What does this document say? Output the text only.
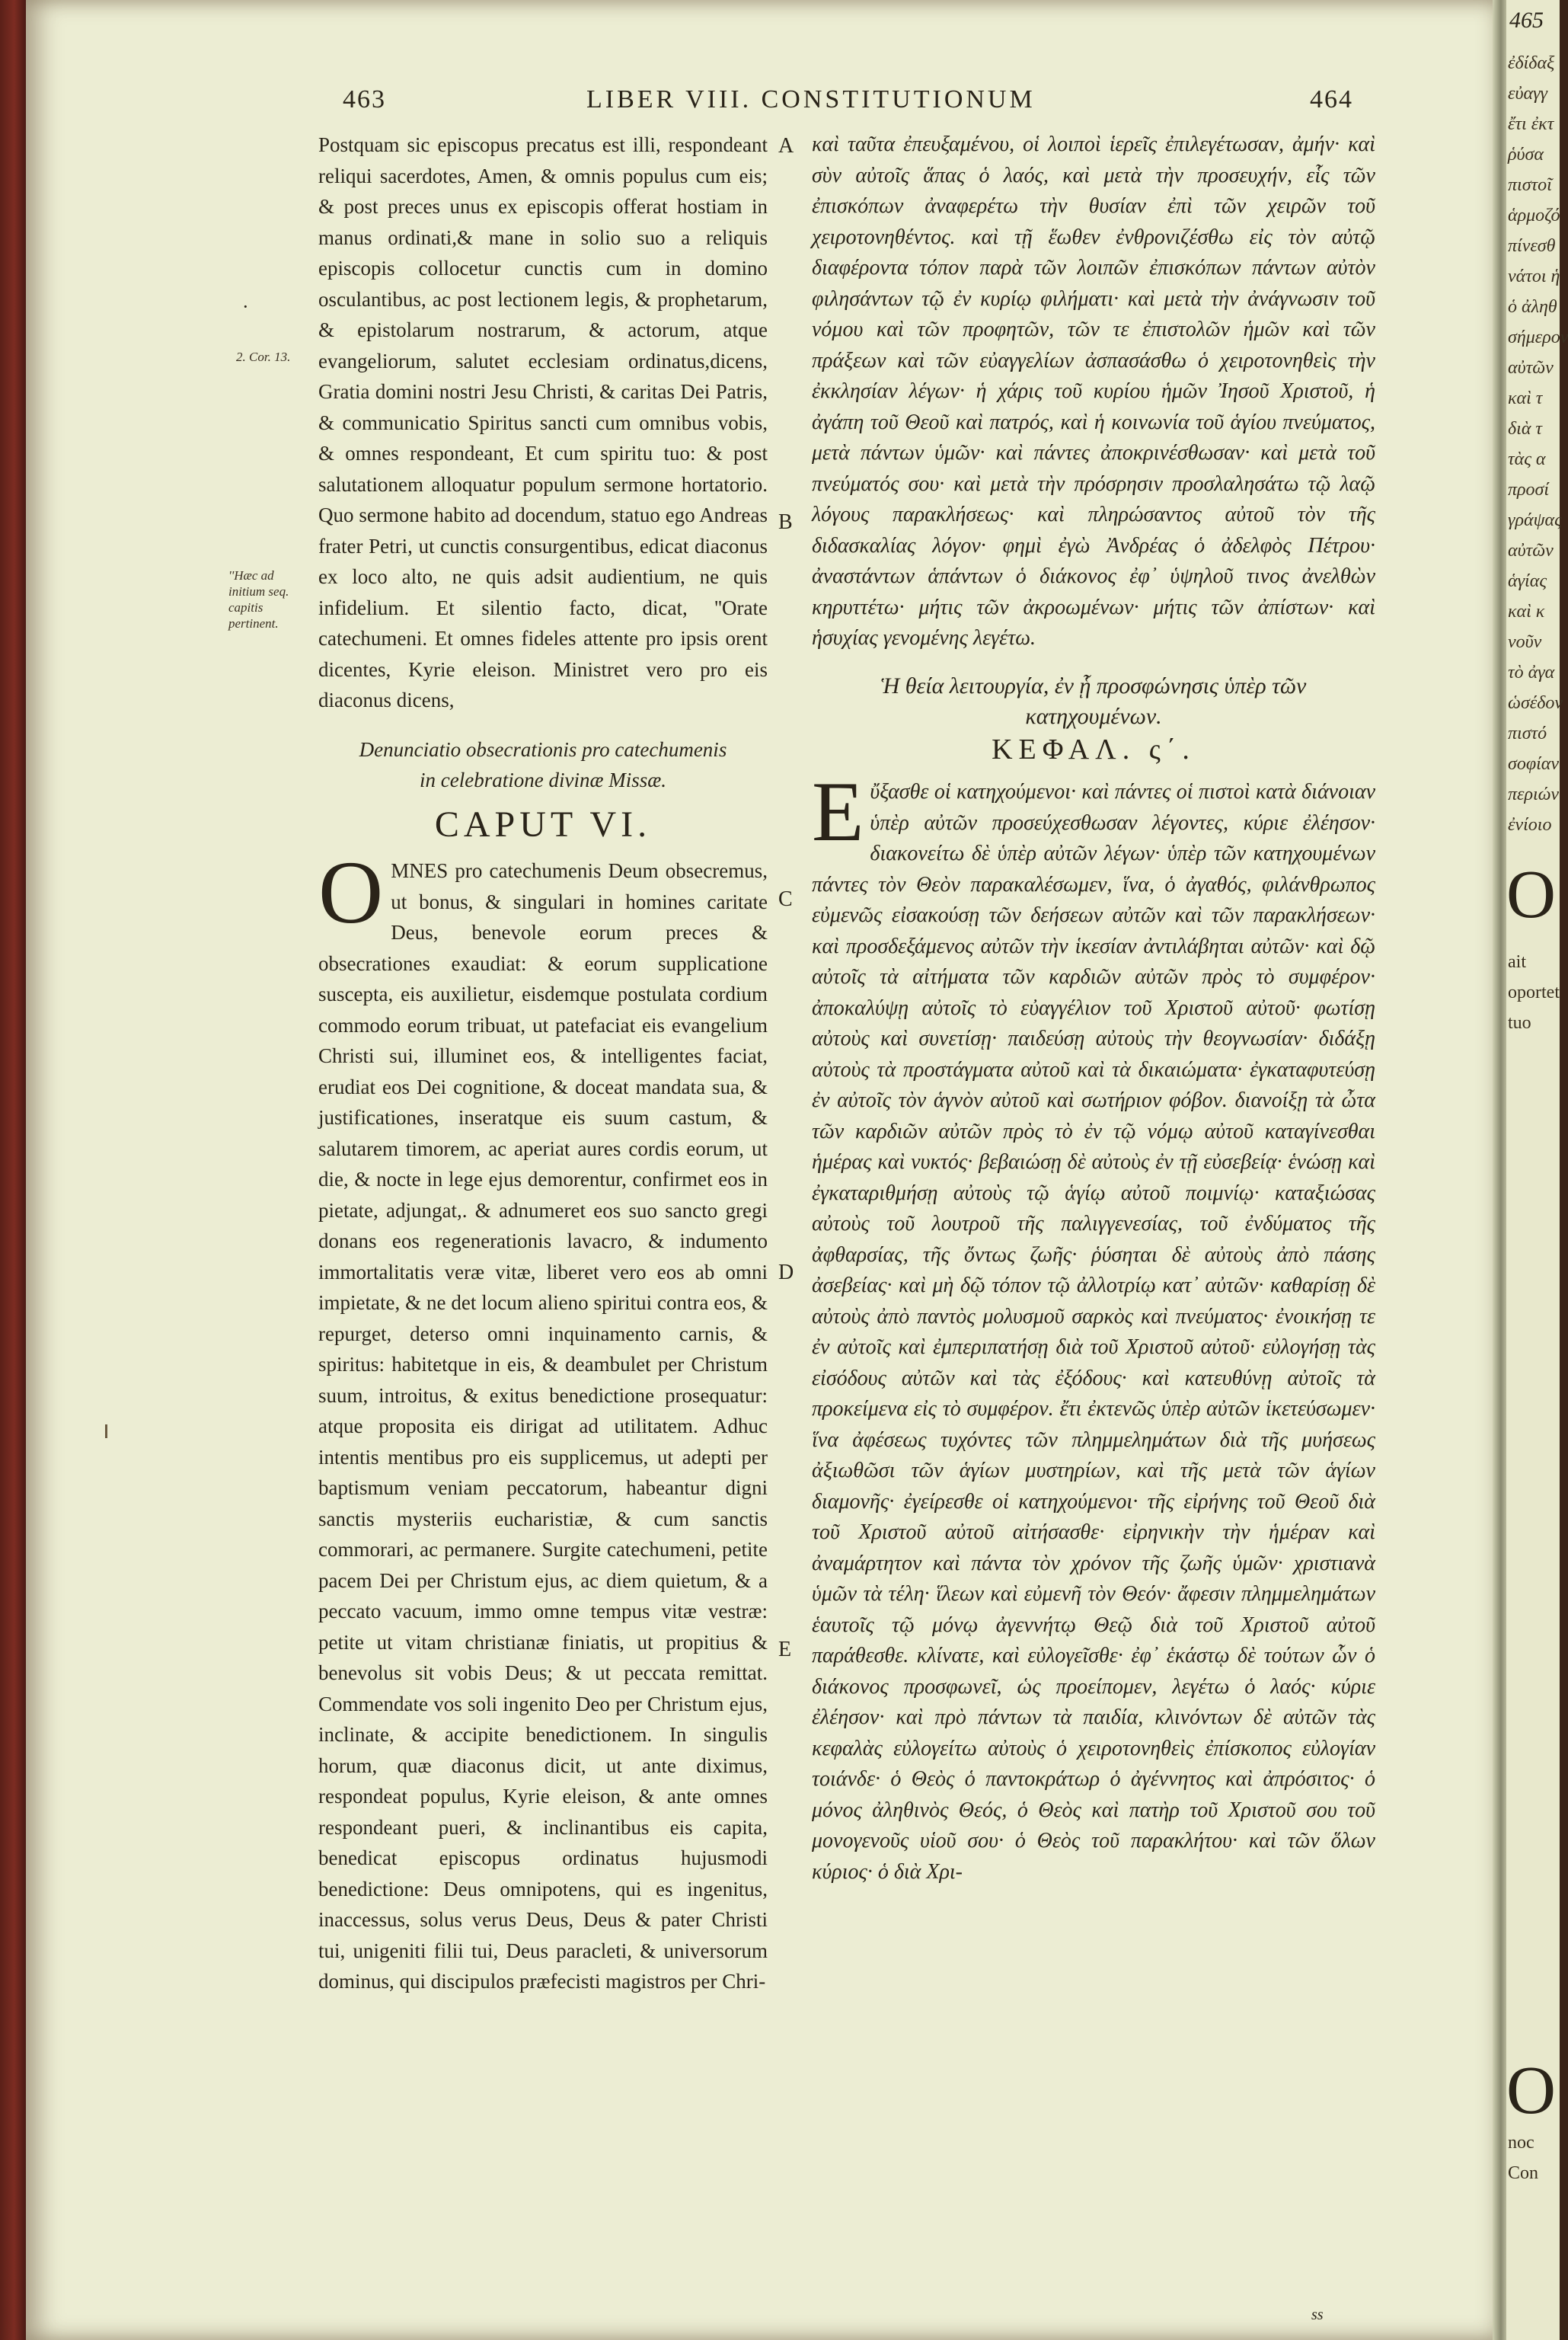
463	LIBER VIII. CONSTITUTIONUM	464
·
2. Cor. 13.
''Hæc ad initium seq. capitis pertinent.
A
B
C
D
E

Postquam sic episcopus precatus est illi, respondeant reliqui sacerdotes, Amen, & omnis populus cum eis; & post preces unus ex episcopis offerat hostiam in manus ordinati,& mane in solio suo a reliquis episcopis collocetur cunctis cum in domino osculantibus, ac post lectionem legis, & prophetarum, & epistolarum nostrarum, & actorum, atque evangeliorum, salutet ecclesiam ordinatus,dicens, Gratia domini nostri Jesu Christi, & caritas Dei Patris, & communicatio Spiritus sancti cum omnibus vobis, & omnes respondeant, Et cum spiritu tuo: & post salutationem alloquatur populum sermone hortatorio. Quo sermone habito ad docendum, statuo ego Andreas frater Petri, ut cunctis consurgentibus, edicat diaconus ex loco alto, ne quis adsit audientium, ne quis infidelium. Et silentio facto, dicat, ''Orate catechumeni. Et omnes fideles attente pro ipsis orent dicentes, Kyrie eleison. Ministret vero pro eis diaconus dicens,

Denunciatio obsecrationis pro catechumenis in celebratione divinæ Missæ.

CAPUT VI.

OMNES pro catechumenis Deum obsecremus, ut bonus, & singulari in homines caritate Deus, benevole eorum preces & obsecrationes exaudiat: & eorum supplicatione suscepta, eis auxilietur, eisdemque postulata cordium commodo eorum tribuat, ut patefaciat eis evangelium Christi sui, illuminet eos, & intelligentes faciat, erudiat eos Dei cognitione, & doceat mandata sua, & justificationes, inseratque eis suum castum, & salutarem timorem, ac aperiat aures cordis eorum, ut die, & nocte in lege ejus demorentur, confirmet eos in pietate, adjungat,. & adnumeret eos suo sancto gregi donans eos regenerationis lavacro, & indumento immortalitatis veræ vitæ, liberet vero eos ab omni impietate, & ne det locum alieno spiritui contra eos, & repurget, deterso omni inquinamento carnis, & spiritus: habitetque in eis, & deambulet per Christum suum, introitus, & exitus benedictione prosequatur: atque proposita eis dirigat ad utilitatem. Adhuc intentis mentibus pro eis supplicemus, ut adepti per baptismum veniam peccatorum, habeantur digni sanctis mysteriis eucharistiæ, & cum sanctis commorari, ac permanere. Surgite catechumeni, petite pacem Dei per Christum ejus, ac diem quietum, & a peccato vacuum, immo omne tempus vitæ vestræ: petite ut vitam christianæ finiatis, ut propitius & benevolus sit vobis Deus; & ut peccata remittat. Commendate vos soli ingenito Deo per Christum ejus, inclinate, & accipite benedictionem. In singulis horum, quæ diaconus dicit, ut ante diximus, respondeat populus, Kyrie eleison, & ante omnes respondeant pueri, & inclinantibus eis capita, benedicat episcopus ordinatus hujusmodi benedictione: Deus omnipotens, qui es ingenitus, inaccessus, solus verus Deus, Deus & pater Christi tui, unigeniti filii tui, Deus paracleti, & universorum dominus, qui discipulos præfecisti magistros per Chri-

καὶ ταῦτα ἐπευξαμένου, οἱ λοιποὶ ἱερεῖς ἐπιλεγέτωσαν, ἀμήν· καὶ σὺν αὐτοῖς ἅπας ὁ λαός, καὶ μετὰ τὴν προσευχήν, εἷς τῶν ἐπισκόπων ἀναφερέτω τὴν θυσίαν ἐπὶ τῶν χειρῶν τοῦ χειροτονηθέντος. καὶ τῇ ἕωθεν ἐνθρονιζέσθω εἰς τὸν αὐτῷ διαφέροντα τόπον παρὰ τῶν λοιπῶν ἐπισκόπων πάντων αὐτὸν φιλησάντων τῷ ἐν κυρίῳ φιλήματι· καὶ μετὰ τὴν ἀνάγνωσιν τοῦ νόμου καὶ τῶν προφητῶν, τῶν τε ἐπιστολῶν ἡμῶν καὶ τῶν πράξεων καὶ τῶν εὐαγγελίων ἀσπασάσθω ὁ χειροτονηθεὶς τὴν ἐκκλησίαν λέγων· ἡ χάρις τοῦ κυρίου ἡμῶν Ἰησοῦ Χριστοῦ, ἡ ἀγάπη τοῦ Θεοῦ καὶ πατρός, καὶ ἡ κοινωνία τοῦ ἁγίου πνεύματος, μετὰ πάντων ὑμῶν· καὶ πάντες ἀποκρινέσθωσαν· καὶ μετὰ τοῦ πνεύματός σου· καὶ μετὰ τὴν πρόσρησιν προσλαλησάτω τῷ λαῷ λόγους παρακλήσεως· καὶ πληρώσαντος αὐτοῦ τὸν τῆς διδασκαλίας λόγον· φημὶ ἐγὼ Ἀνδρέας ὁ ἀδελφὸς Πέτρου· ἀναστάντων ἁπάντων ὁ διάκονος ἐφ᾽ ὑψηλοῦ τινος ἀνελθὼν κηρυττέτω· μήτις τῶν ἀκροωμένων· μήτις τῶν ἀπίστων· καὶ ἡσυχίας γενομένης λεγέτω.

Ἡ θεία λειτουργία, ἐν ᾗ προσφώνησις ὑπὲρ τῶν κατηχουμένων.

ΚΕΦΑΛ. ς΄.

Εὔξασθε οἱ κατηχούμενοι· καὶ πάντες οἱ πιστοὶ κατὰ διάνοιαν ὑπὲρ αὐτῶν προσεύχεσθωσαν λέγοντες, κύριε ἐλέησον· διακονείτω δὲ ὑπὲρ αὐτῶν λέγων· ὑπὲρ τῶν κατηχουμένων πάντες τὸν Θεὸν παρακαλέσωμεν, ἵνα, ὁ ἀγαθός, φιλάνθρωπος εὐμενῶς εἰσακούσῃ τῶν δεήσεων αὐτῶν καὶ τῶν παρακλήσεων· καὶ προσδεξάμενος αὐτῶν τὴν ἱκεσίαν ἀντιλάβηται αὐτῶν· καὶ δῷ αὐτοῖς τὰ αἰτήματα τῶν καρδιῶν αὐτῶν πρὸς τὸ συμφέρον· ἀποκαλύψῃ αὐτοῖς τὸ εὐαγγέλιον τοῦ Χριστοῦ αὐτοῦ· φωτίσῃ αὐτοὺς καὶ συνετίσῃ· παιδεύσῃ αὐτοὺς τὴν θεογνωσίαν· διδάξῃ αὐτοὺς τὰ προστάγματα αὐτοῦ καὶ τὰ δικαιώματα· ἐγκαταφυτεύσῃ ἐν αὐτοῖς τὸν ἁγνὸν αὐτοῦ καὶ σωτήριον φόβον. διανοίξῃ τὰ ὦτα τῶν καρδιῶν αὐτῶν πρὸς τὸ ἐν τῷ νόμῳ αὐτοῦ καταγίνεσθαι ἡμέρας καὶ νυκτός· βεβαιώσῃ δὲ αὐτοὺς ἐν τῇ εὐσεβείᾳ· ἑνώσῃ καὶ ἐγκαταριθμήσῃ αὐτοὺς τῷ ἁγίῳ αὐτοῦ ποιμνίῳ· καταξιώσας αὐτοὺς τοῦ λουτροῦ τῆς παλιγγενεσίας, τοῦ ἐνδύματος τῆς ἀφθαρσίας, τῆς ὄντως ζωῆς· ῥύσηται δὲ αὐτοὺς ἀπὸ πάσης ἀσεβείας· καὶ μὴ δῷ τόπον τῷ ἀλλοτρίῳ κατ᾽ αὐτῶν· καθαρίσῃ δὲ αὐτοὺς ἀπὸ παντὸς μολυσμοῦ σαρκὸς καὶ πνεύματος· ἐνοικήσῃ τε ἐν αὐτοῖς καὶ ἐμπεριπατήσῃ διὰ τοῦ Χριστοῦ αὐτοῦ· εὐλογήσῃ τὰς εἰσόδους αὐτῶν καὶ τὰς ἐξόδους· καὶ κατευθύνῃ αὐτοῖς τὰ προκείμενα εἰς τὸ συμφέρον. ἔτι ἐκτενῶς ὑπὲρ αὐτῶν ἱκετεύσωμεν· ἵνα ἀφέσεως τυχόντες τῶν πλημμελημάτων διὰ τῆς μυήσεως ἀξιωθῶσι τῶν ἁγίων μυστηρίων, καὶ τῆς μετὰ τῶν ἁγίων διαμονῆς· ἐγείρεσθε οἱ κατηχούμενοι· τῆς εἰρήνης τοῦ Θεοῦ διὰ τοῦ Χριστοῦ αὐτοῦ αἰτήσασθε· εἰρηνικὴν τὴν ἡμέραν καὶ ἀναμάρτητον καὶ πάντα τὸν χρόνον τῆς ζωῆς ὑμῶν· χριστιανὰ ὑμῶν τὰ τέλη· ἵλεων καὶ εὐμενῆ τὸν Θεόν· ἄφεσιν πλημμελημάτων ἑαυτοῖς τῷ μόνῳ ἀγεννήτῳ Θεῷ διὰ τοῦ Χριστοῦ αὐτοῦ παράθεσθε. κλίνατε, καὶ εὐλογεῖσθε· ἐφ᾽ ἑκάστῳ δὲ τούτων ὧν ὁ διάκονος προσφωνεῖ, ὡς προείπομεν, λεγέτω ὁ λαός· κύριε ἐλέησον· καὶ πρὸ πάντων τὰ παιδία, κλινόντων δὲ αὐτῶν τὰς κεφαλὰς εὐλογείτω αὐτοὺς ὁ χειροτονηθεὶς ἐπίσκοπος εὐλογίαν τοιάνδε· ὁ Θεὸς ὁ παντοκράτωρ ὁ ἀγέννητος καὶ ἀπρόσιτος· ὁ μόνος ἀληθινὸς Θεός, ὁ Θεὸς καὶ πατὴρ τοῦ Χριστοῦ σου τοῦ μονογενοῦς υἱοῦ σου· ὁ Θεὸς τοῦ παρακλήτου· καὶ τῶν ὅλων κύριος· ὁ διὰ Χρι-

ss
465
ἐδίδαξ
εὐαγγ
ἔτι ἐκτ
ῥύσα
πιστοῖ
ἁρμοζό
πίνεσθ
νάτοι ἡ
ὁ ἀληθ
σήμερον
αὐτῶν
καὶ τ
διὰ τ
τὰς α
προσί
γράψας
αὐτῶν
ἁγίας
καὶ κ
νοῦν
τὸ ἀγα
ὡσέδον
πιστό
σοφίαν
περιών
ἐνίοιο
O
ait
oportet
tuo
O
noc
Con
